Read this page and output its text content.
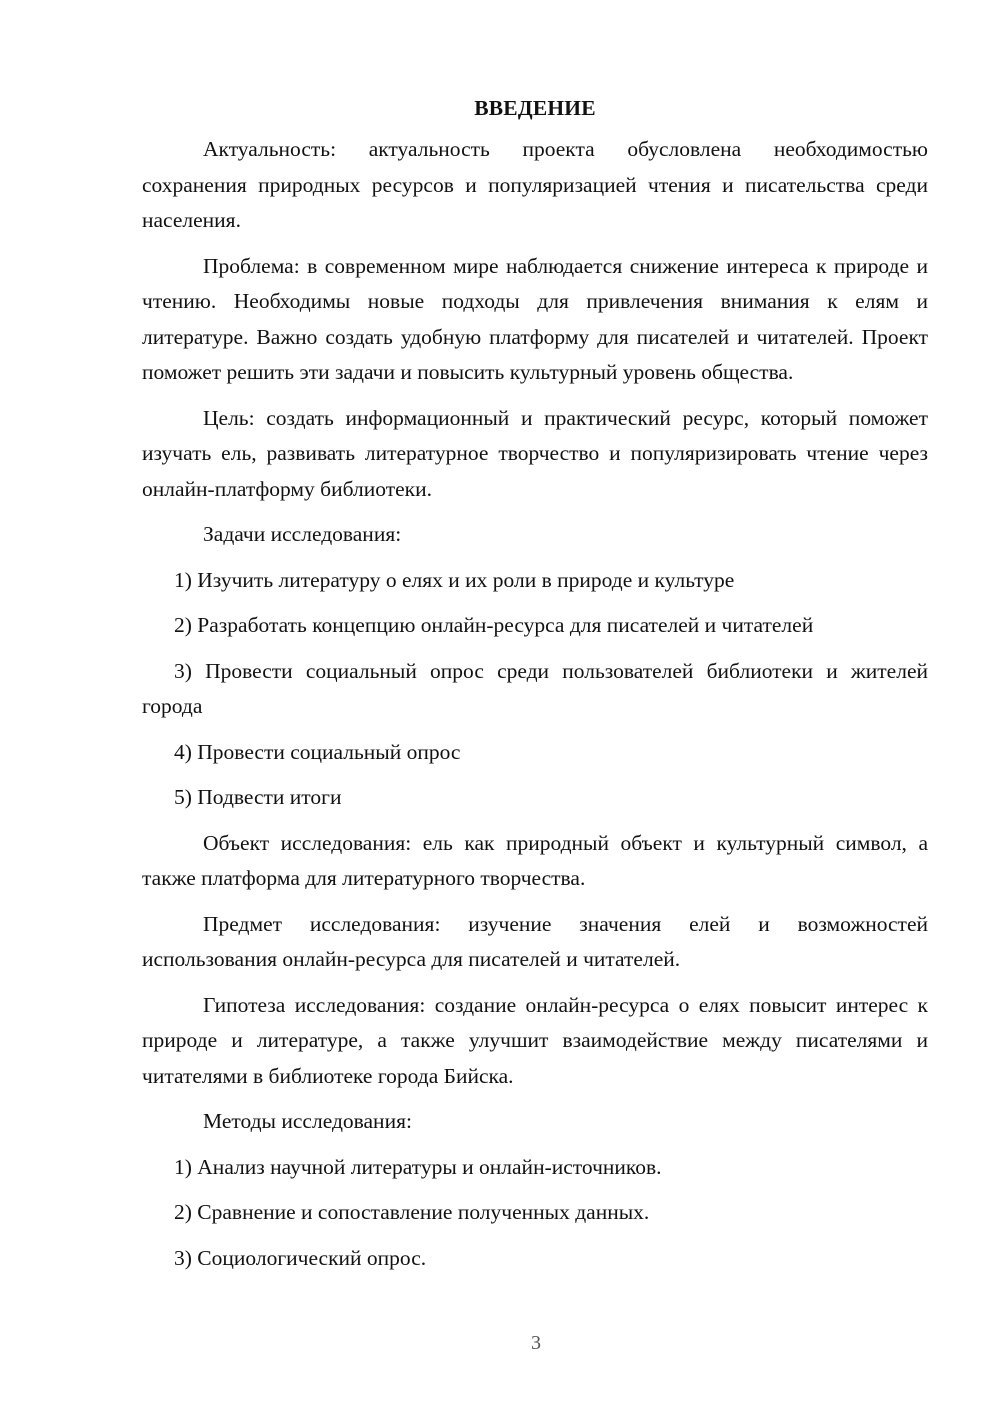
ВВЕДЕНИЕ

Актуальность: актуальность проекта обусловлена необходимостью сохранения природных ресурсов и популяризацией чтения и писательства среди населения.

Проблема: в современном мире наблюдается снижение интереса к природе и чтению. Необходимы новые подходы для привлечения внимания к елям и литературе. Важно создать удобную платформу для писателей и читателей. Проект поможет решить эти задачи и повысить культурный уровень общества.

Цель: создать информационный и практический ресурс, который поможет изучать ель, развивать литературное творчество и популяризировать чтение через онлайн-платформу библиотеки.

Задачи исследования:

1) Изучить литературу о елях и их роли в природе и культуре

2) Разработать концепцию онлайн-ресурса для писателей и читателей

3) Провести социальный опрос среди пользователей библиотеки и жителей города

4) Провести социальный опрос

5) Подвести итоги

Объект исследования: ель как природный объект и культурный символ, а также платформа для литературного творчества.

Предмет исследования: изучение значения елей и возможностей использования онлайн-ресурса для писателей и читателей.

Гипотеза исследования: создание онлайн-ресурса о елях повысит интерес к природе и литературе, а также улучшит взаимодействие между писателями и читателями в библиотеке города Бийска.

Методы исследования:

1) Анализ научной литературы и онлайн-источников.

2) Сравнение и сопоставление полученных данных.

3) Социологический опрос.

3
